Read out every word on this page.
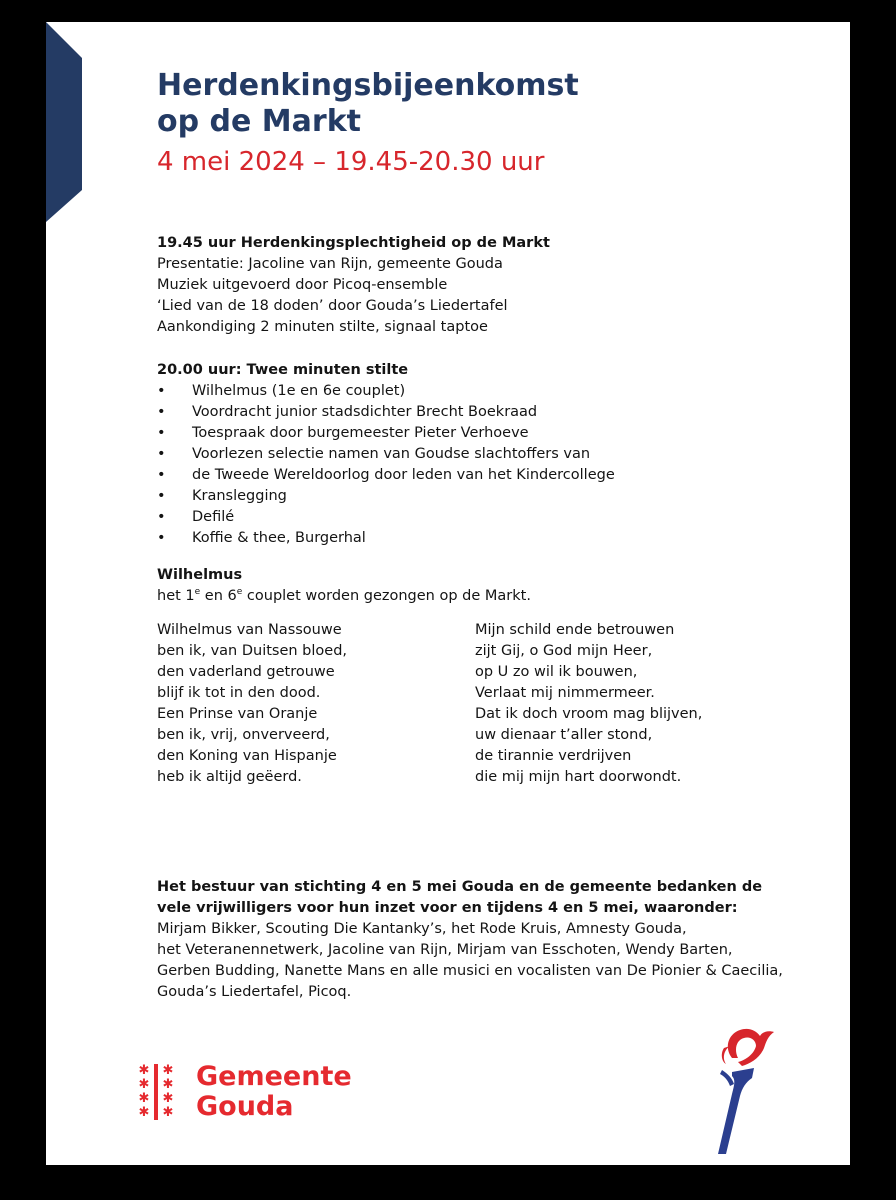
Herdenkingsbijeenkomst
op de Markt
4 mei 2024 – 19.45-20.30 uur
19.45 uur Herdenkingsplechtigheid op de Markt
Presentatie: Jacoline van Rijn, gemeente Gouda
Muziek uitgevoerd door Picoq-ensemble
‘Lied van de 18 doden’ door Gouda’s Liedertafel
Aankondiging 2 minuten stilte, signaal taptoe
20.00 uur: Twee minuten stilte
• Wilhelmus (1e en 6e couplet)
• Voordracht junior stadsdichter Brecht Boekraad
• Toespraak door burgemeester Pieter Verhoeve
• Voorlezen selectie namen van Goudse slachtoffers van
• de Tweede Wereldoorlog door leden van het Kindercollege
• Kranslegging
• Defilé
• Koffie & thee, Burgerhal
Wilhelmus
het 1e en 6e couplet worden gezongen op de Markt.
Wilhelmus van Nassouwe
ben ik, van Duitsen bloed,
den vaderland getrouwe
blijf ik tot in den dood.
Een Prinse van Oranje
ben ik, vrij, onverveerd,
den Koning van Hispanje
heb ik altijd geëerd.
Mijn schild ende betrouwen
zijt Gij, o God mijn Heer,
op U zo wil ik bouwen,
Verlaat mij nimmermeer.
Dat ik doch vroom mag blijven,
uw dienaar t’aller stond,
de tirannie verdrijven
die mij mijn hart doorwondt.
Het bestuur van stichting 4 en 5 mei Gouda en de gemeente bedanken de
vele vrijwilligers voor hun inzet voor en tijdens 4 en 5 mei, waaronder:
Mirjam Bikker, Scouting Die Kantanky’s, het Rode Kruis, Amnesty Gouda,
het Veteranennetwerk, Jacoline van Rijn, Mirjam van Esschoten, Wendy Barten,
Gerben Budding, Nanette Mans en alle musici en vocalisten van De Pionier & Caecilia,
Gouda’s Liedertafel, Picoq.
✱
✱
✱
✱
✱
✱
✱
✱
Gemeente
Gouda
